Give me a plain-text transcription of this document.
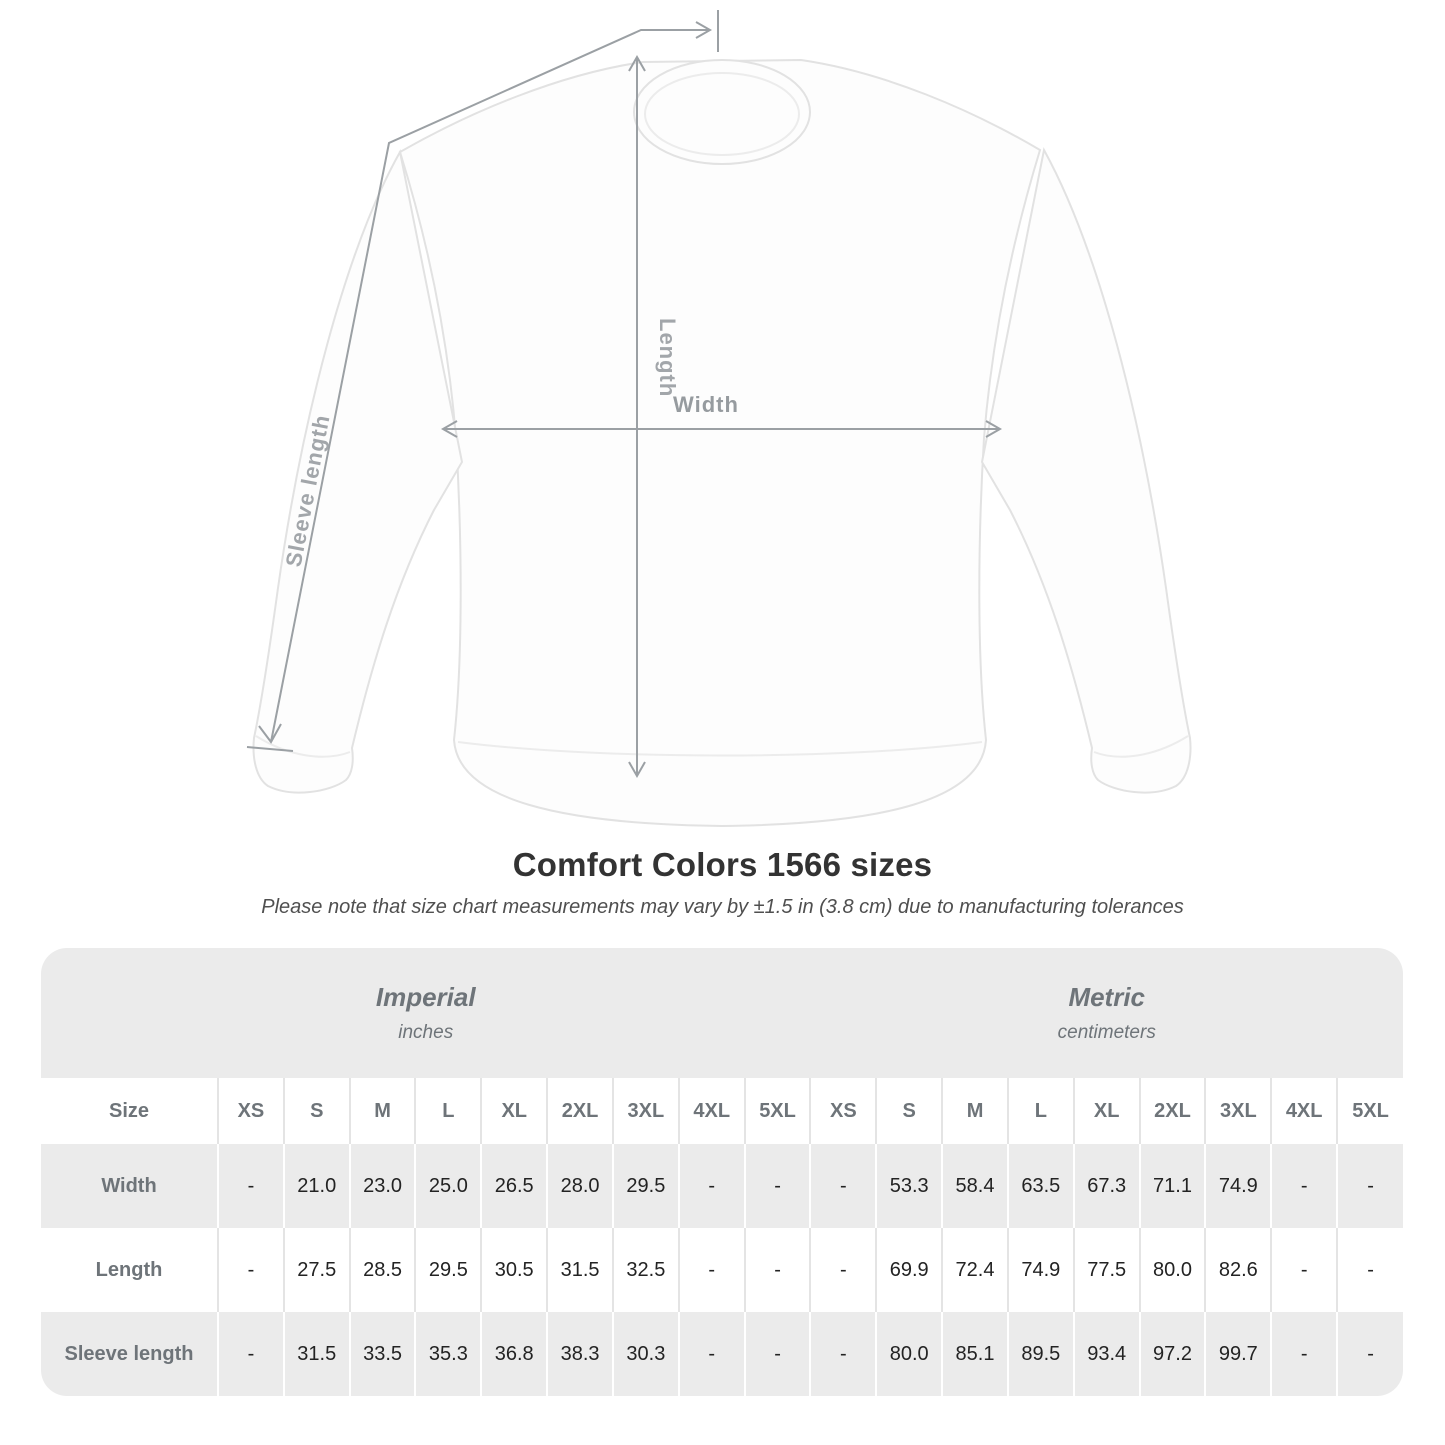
Sleeve length
Length
Width
Comfort Colors 1566 sizes
Please note that size chart measurements may vary by ±1.5 in (3.8 cm) due to manufacturing tolerances
Imperial
inches

Metric
centimeters

Size	XS	S	M	L	XL	2XL	3XL	4XL	5XL	XS	S	M	L	XL	2XL	3XL	4XL	5XL
Width	-	21.0	23.0	25.0	26.5	28.0	29.5	-	-	-	53.3	58.4	63.5	67.3	71.1	74.9	-	-
Length	-	27.5	28.5	29.5	30.5	31.5	32.5	-	-	-	69.9	72.4	74.9	77.5	80.0	82.6	-	-
Sleeve length	-	31.5	33.5	35.3	36.8	38.3	30.3	-	-	-	80.0	85.1	89.5	93.4	97.2	99.7	-	-
